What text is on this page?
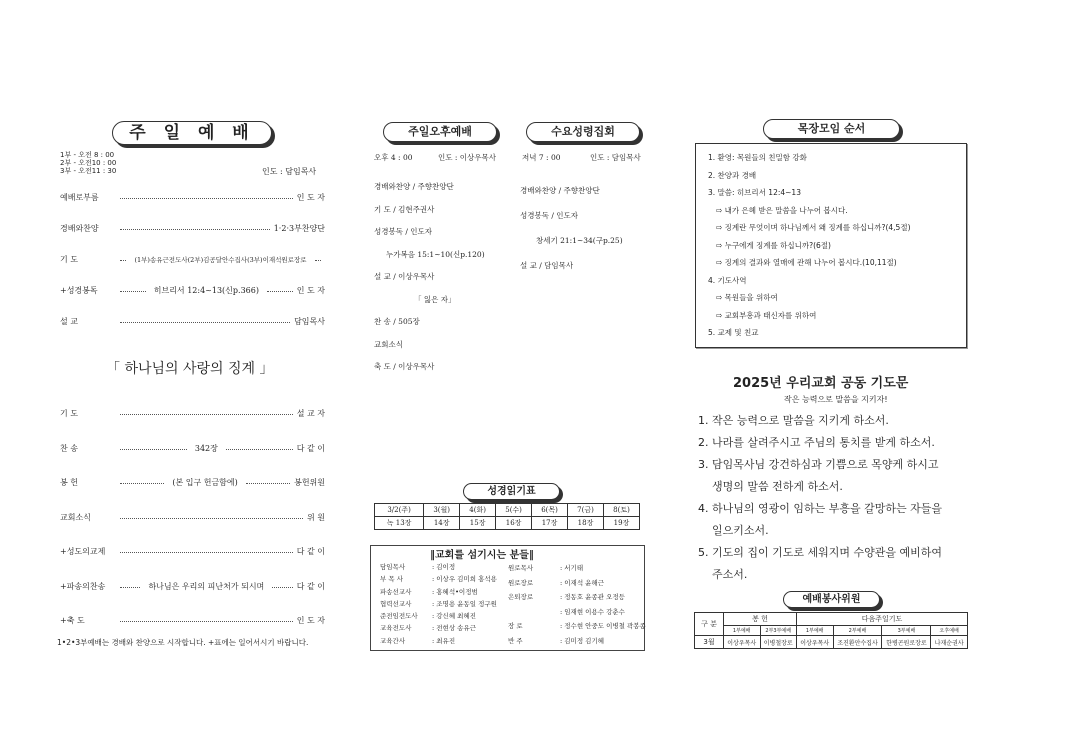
주 일 예 배
1부 - 오전 8 : 00
2부 - 오전10 : 00
3부 - 오전11 : 30	인도 : 담임목사
예배로부름	인 도 자
경배와찬양	1·2·3부찬양단
기 도	(1부)송유근전도사(2부)김공달안수집사(3부)이재석원로장로
+성경봉독	히브리서 12:4~13(신p.366)	인 도 자
설 교	담임목사
「 하나님의 사랑의 징계 」
기 도	설 교 자
찬 송	342장	다 같 이
봉 헌	(본 입구 헌금함에)	봉헌위원
교회소식	위 원
+성도의교제	다 같 이
+파송의찬송	하나님은 우리의 피난처가 되시며	다 같 이
+축 도	인 도 자
1•2•3부예배는 경배와 찬양으로 시작합니다. +표에는 일어서시기 바랍니다.
주일오후예배
오후 4 : 00	인도 : 이상우목사
경배와찬양 / 주향찬양단
기 도 / 김현주권사
성경봉독 / 인도자
누가복음 15:1~10(신p.120)
설 교 / 이상우목사
「 잃은 자」
찬 송 / 505장
교회소식
축 도 / 이상우목사
수요성령집회
저녁 7 : 00	인도 : 담임목사
경배와찬양 / 주향찬양단
성경봉독 / 인도자
창세기 21:1~34(구p.25)
설 교 / 담임목사
성경읽기표
3/2(주)	3(월)	4(화)	5(수)	6(목)	7(금)	8(토)
녹 13장	14장	15장	16장	17장	18장	19장
‖교회를 섬기시는 분들‖
담임목사	: 김이정
부 목 사	: 이상우 김미희 홍석용
파송선교사	: 홍혜석•이정범
협력선교사	: 조명용 윤동일 정구원
준전임전도사 : 강신혜 최혜진
교육전도사	: 전현상 송유근
교육간사	: 최유진
원로목사	: 서기태
원로장로	: 이재석 윤해근
은퇴장로	: 정동호 윤종관 오정등
: 임재현 이용수 강춘수
장 로	: 정수현 안중도 이병철 곽봉종
반 주	: 김미정 김기혜
목장모임 순서
1. 환영: 목원들의 친밀함 강화
2. 찬양과 경배
3. 말씀: 히브리서 12:4~13
⇨ 내가 은혜 받은 말씀을 나누어 봅시다.
⇨ 징계란 무엇이며 하나님께서 왜 징계를 하십니까?(4,5절)
⇨ 누구에게 징계를 하십니까?(6절)
⇨ 징계의 결과와 열매에 관해 나누어 봅시다.(10,11절)
4. 기도사역
⇨ 목원들을 위하여
⇨ 교회부흥과 태신자를 위하여
5. 교제 및 친교
2025년 우리교회 공동 기도문
작은 능력으로 말씀을 지키자!
1. 작은 능력으로 말씀을 지키게 하소서.
2. 나라를 살려주시고 주님의 통치를 받게 하소서.
3. 담임목사님 강건하심과 기쁨으로 목양케 하시고
생명의 말씀 전하게 하소서.
4. 하나님의 영광이 임하는 부흥을 갈망하는 자들을
일으키소서.
5. 기도의 집이 기도로 세워지며 수양관을 예비하여
주소서.
예배봉사위원
구 분	봉 헌		다음주일기도			
	1부예배	2부3부예배	1부예배	2부예배	3부예배	오후예배
3월	이상우목사	이병철장로	이상우목사	조진환안수집사	한병곤원로장로	나재순권사
